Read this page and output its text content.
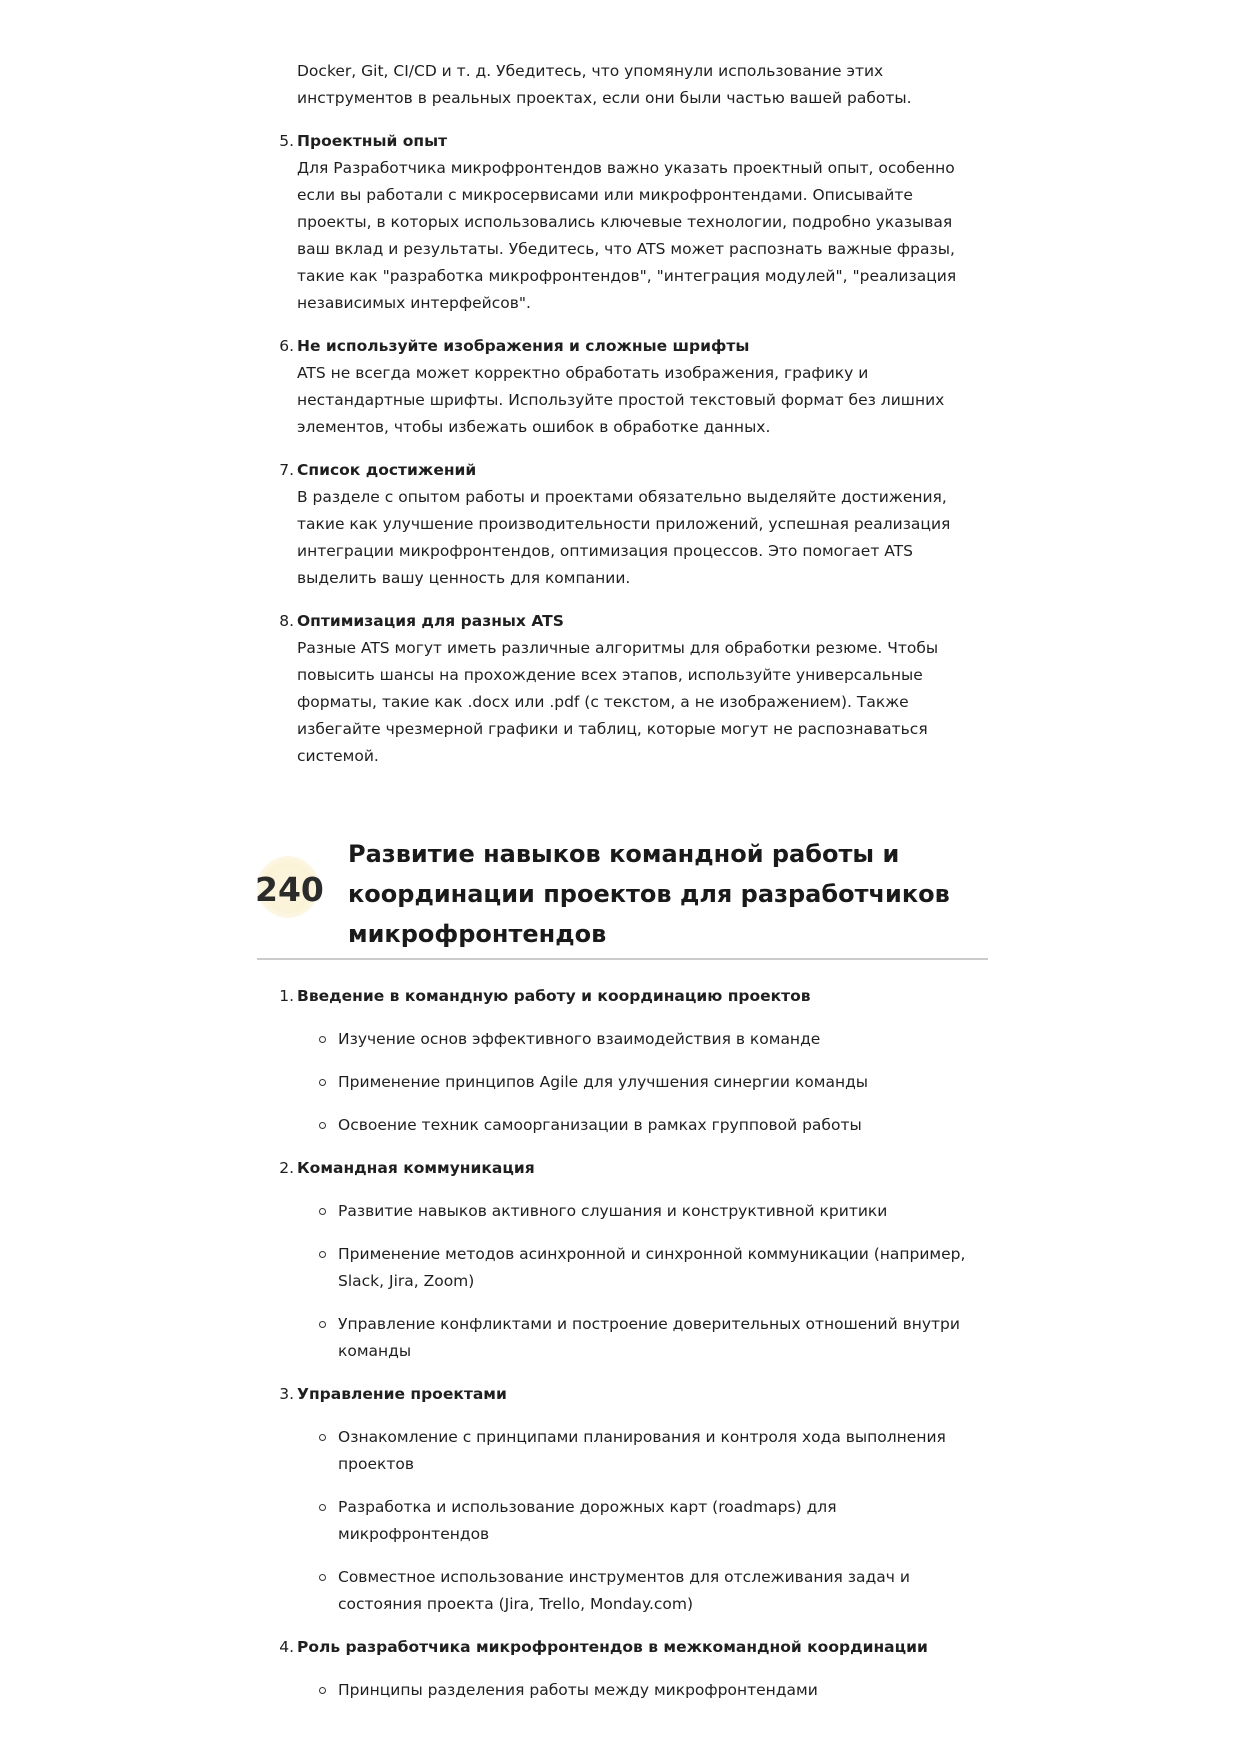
Docker, Git, CI/CD и т. д. Убедитесь, что упомянули использование этих инструментов в реальных проектах, если они были частью вашей работы.
5. Проектный опыт
Для Разработчика микрофронтендов важно указать проектный опыт, особенно если вы работали с микросервисами или микрофронтендами. Описывайте проекты, в которых использовались ключевые технологии, подробно указывая ваш вклад и результаты. Убедитесь, что ATS может распознать важные фразы, такие как "разработка микрофронтендов", "интеграция модулей", "реализация независимых интерфейсов".
6. Не используйте изображения и сложные шрифты
ATS не всегда может корректно обработать изображения, графику и нестандартные шрифты. Используйте простой текстовый формат без лишних элементов, чтобы избежать ошибок в обработке данных.
7. Список достижений
В разделе с опытом работы и проектами обязательно выделяйте достижения, такие как улучшение производительности приложений, успешная реализация интеграции микрофронтендов, оптимизация процессов. Это помогает ATS выделить вашу ценность для компании.
8. Оптимизация для разных ATS
Разные ATS могут иметь различные алгоритмы для обработки резюме. Чтобы повысить шансы на прохождение всех этапов, используйте универсальные форматы, такие как .docx или .pdf (с текстом, а не изображением). Также избегайте чрезмерной графики и таблиц, которые могут не распознаваться системой.
240
Развитие навыков командной работы и координации проектов для разработчиков микрофронтендов
1. Введение в командную работу и координацию проектов
Изучение основ эффективного взаимодействия в команде
Применение принципов Agile для улучшения синергии команды
Освоение техник самоорганизации в рамках групповой работы
2. Командная коммуникация
Развитие навыков активного слушания и конструктивной критики
Применение методов асинхронной и синхронной коммуникации (например, Slack, Jira, Zoom)
Управление конфликтами и построение доверительных отношений внутри команды
3. Управление проектами
Ознакомление с принципами планирования и контроля хода выполнения проектов
Разработка и использование дорожных карт (roadmaps) для микрофронтендов
Совместное использование инструментов для отслеживания задач и состояния проекта (Jira, Trello, Monday.com)
4. Роль разработчика микрофронтендов в межкомандной координации
Принципы разделения работы между микрофронтендами
